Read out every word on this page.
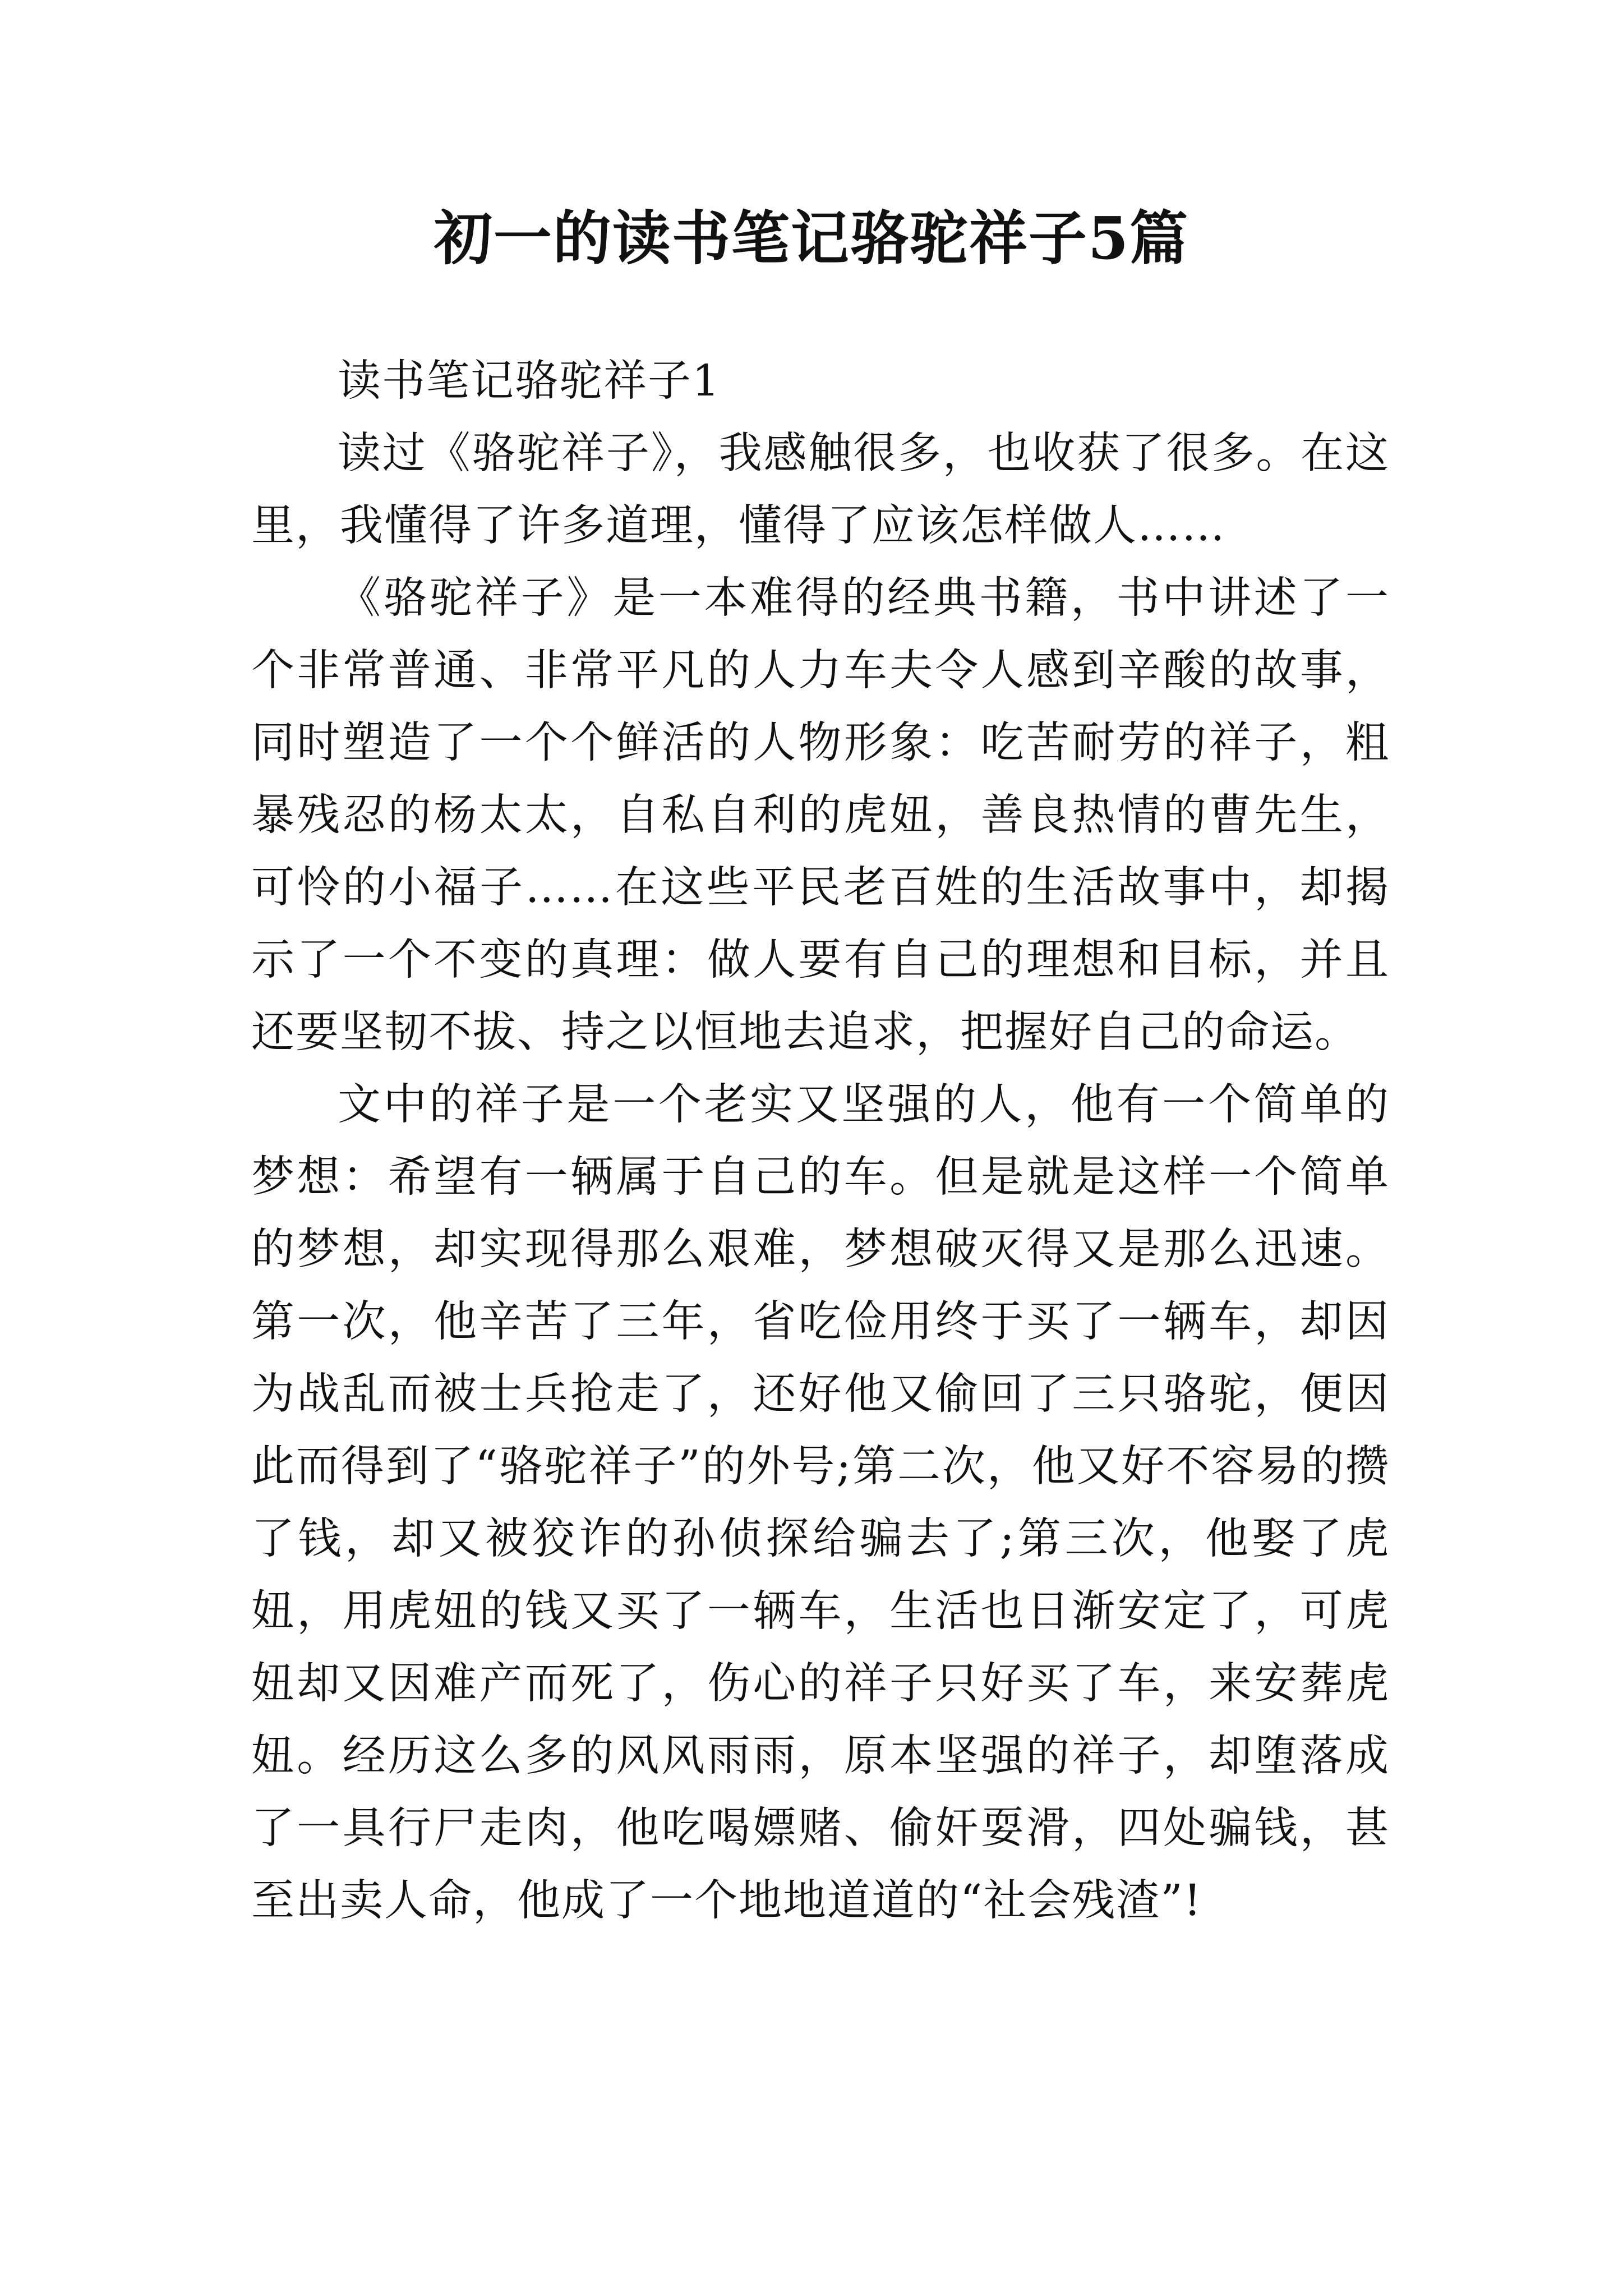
初一的读书笔记骆驼祥子5篇

读书笔记骆驼祥子1

读过《骆驼祥子》，我感触很多，也收获了很多。在这里，我懂得了许多道理，懂得了应该怎样做人……

《骆驼祥子》是一本难得的经典书籍，书中讲述了一个非常普通、非常平凡的人力车夫令人感到辛酸的故事，同时塑造了一个个鲜活的人物形象：吃苦耐劳的祥子，粗暴残忍的杨太太，自私自利的虎妞，善良热情的曹先生，可怜的小福子……在这些平民老百姓的生活故事中，却揭示了一个不变的真理：做人要有自己的理想和目标，并且还要坚韧不拔、持之以恒地去追求，把握好自己的命运。

文中的祥子是一个老实又坚强的人，他有一个简单的梦想：希望有一辆属于自己的车。但是就是这样一个简单的梦想，却实现得那么艰难，梦想破灭得又是那么迅速。第一次，他辛苦了三年，省吃俭用终于买了一辆车，却因为战乱而被士兵抢走了，还好他又偷回了三只骆驼，便因此而得到了“骆驼祥子”的外号;第二次，他又好不容易的攒了钱，却又被狡诈的孙侦探给骗去了;第三次，他娶了虎妞，用虎妞的钱又买了一辆车，生活也日渐安定了，可虎妞却又因难产而死了，伤心的祥子只好买了车，来安葬虎妞。经历这么多的风风雨雨，原本坚强的祥子，却堕落成了一具行尸走肉，他吃喝嫖赌、偷奸耍滑，四处骗钱，甚至出卖人命，他成了一个地地道道的“社会残渣”!
